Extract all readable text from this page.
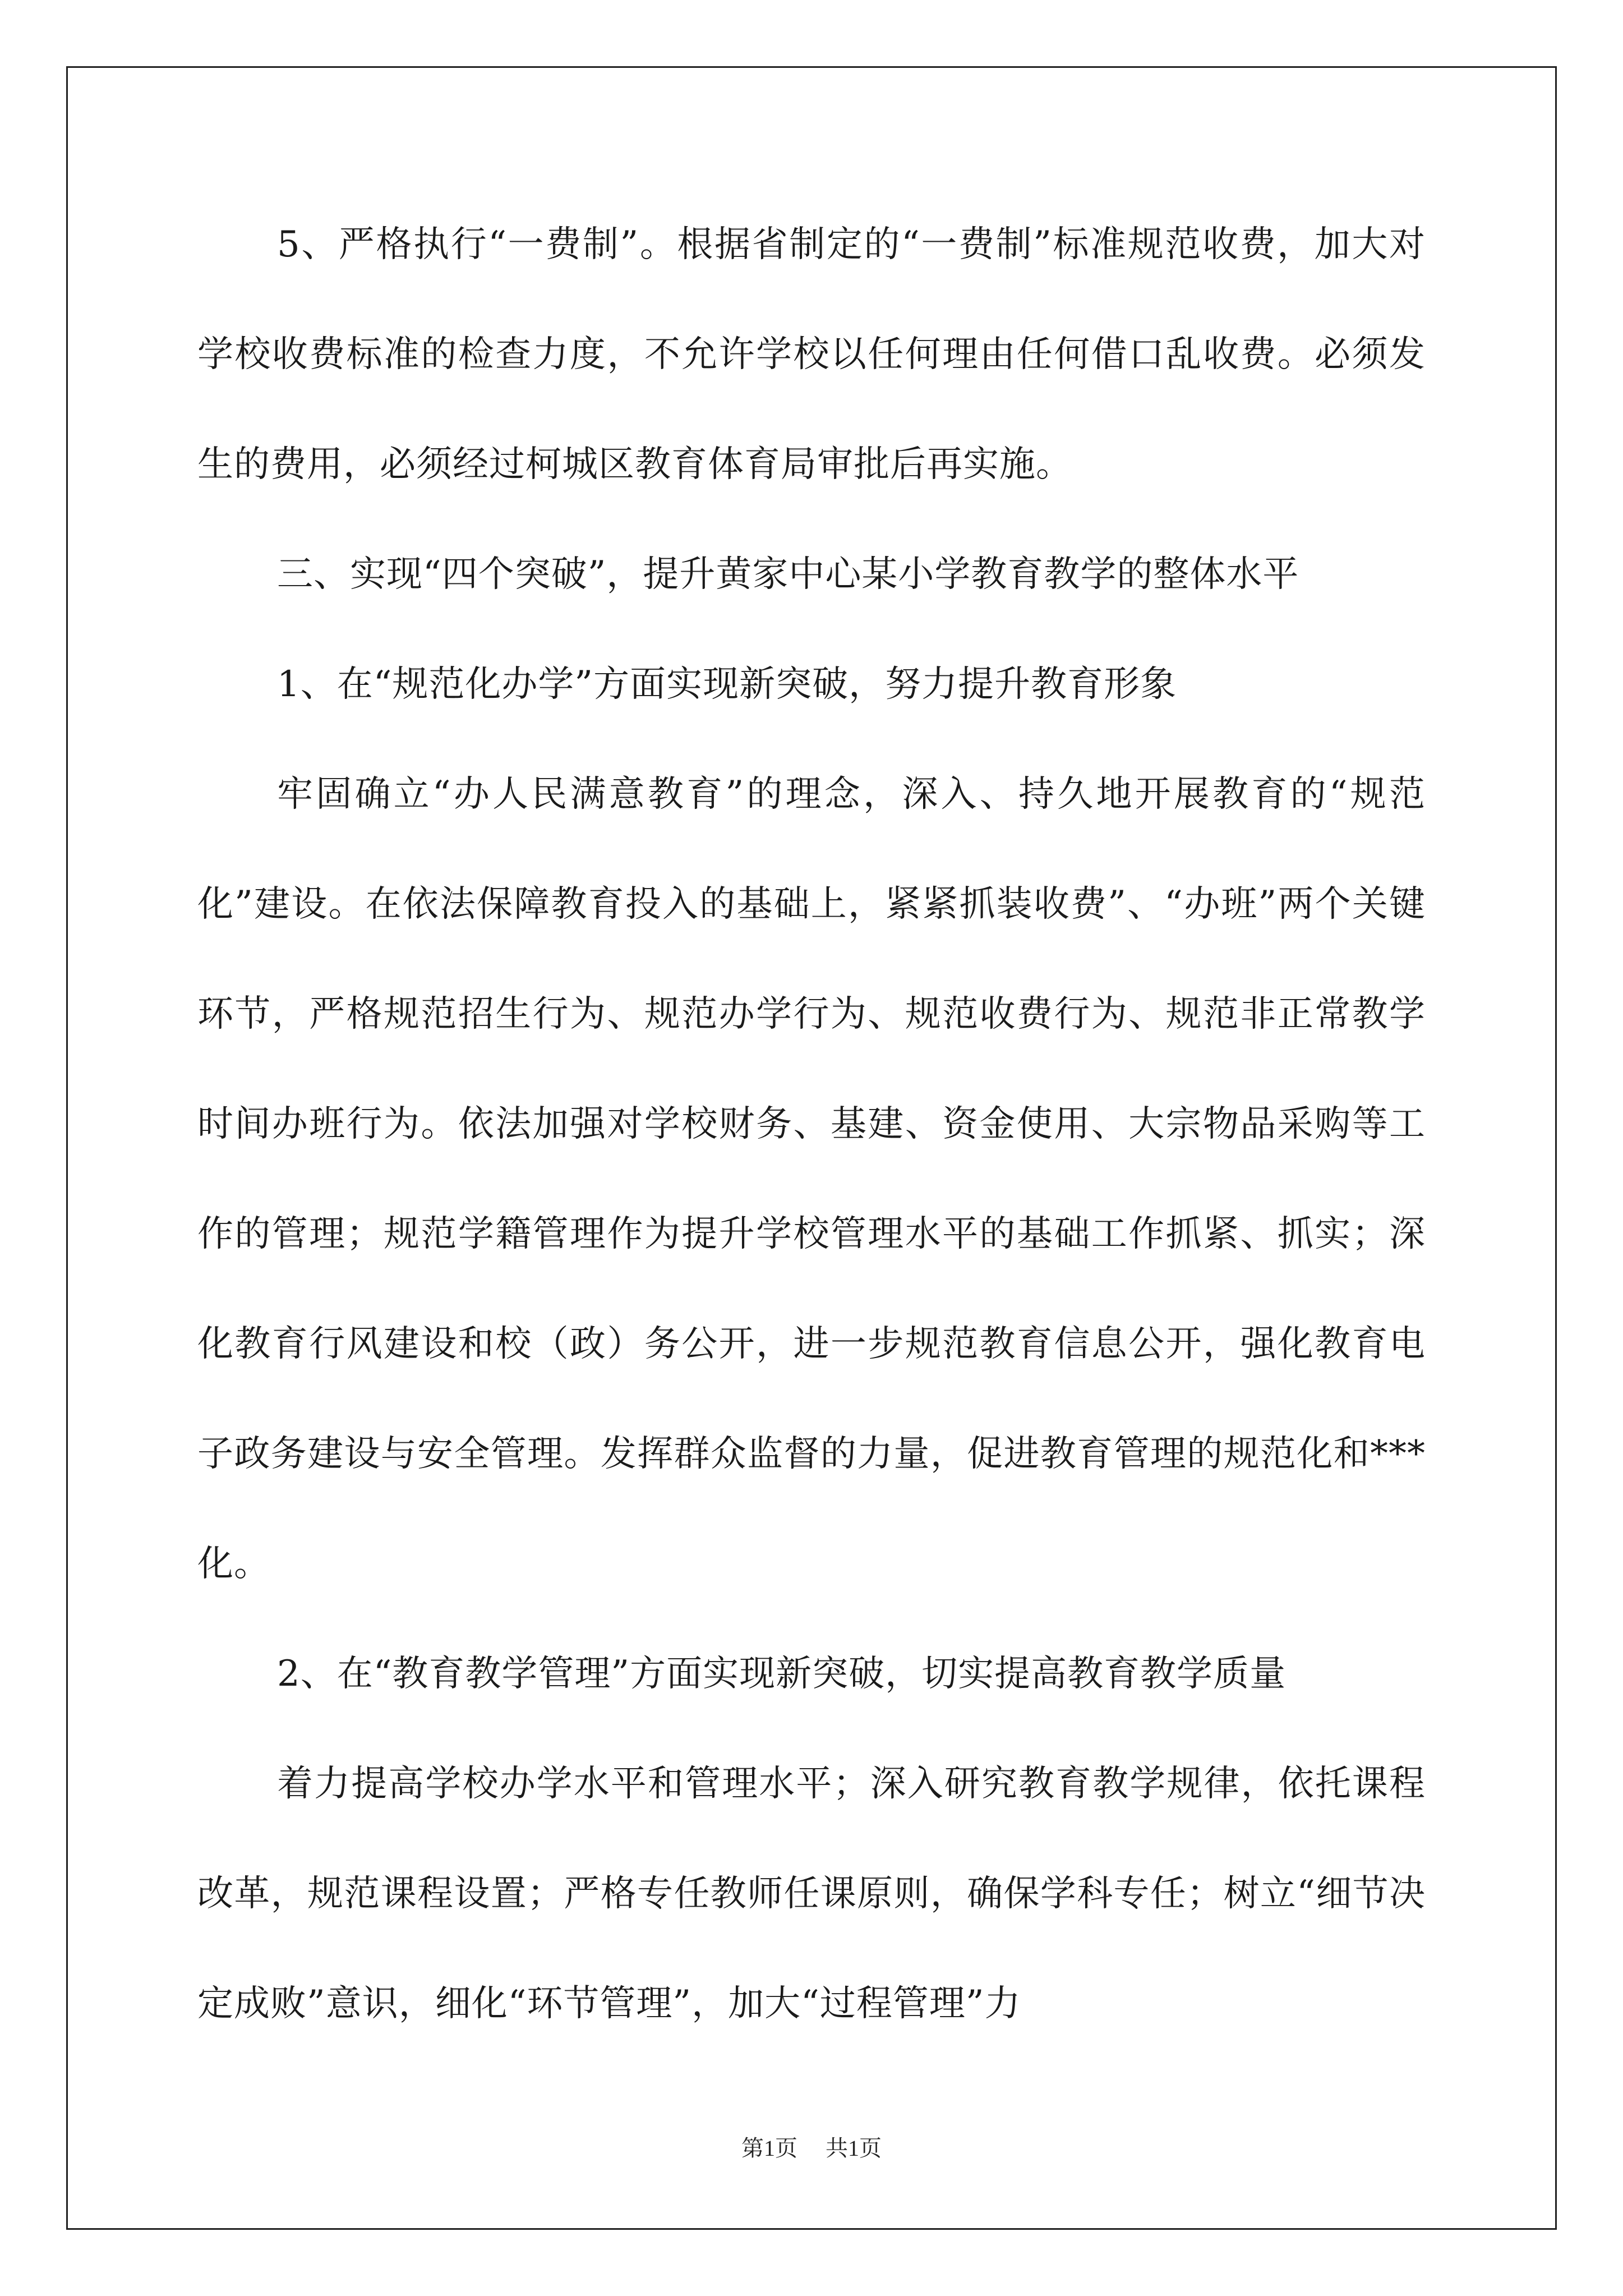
5、严格执行“一费制”。根据省制定的“一费制”标准规范收费，加大对学校收费标准的检查力度，不允许学校以任何理由任何借口乱收费。必须发生的费用，必须经过柯城区教育体育局审批后再实施。

三、实现“四个突破”，提升黄家中心某小学教育教学的整体水平

1、在“规范化办学”方面实现新突破，努力提升教育形象

牢固确立“办人民满意教育”的理念，深入、持久地开展教育的“规范化”建设。在依法保障教育投入的基础上，紧紧抓装收费”、“办班”两个关键环节，严格规范招生行为、规范办学行为、规范收费行为、规范非正常教学时间办班行为。依法加强对学校财务、基建、资金使用、大宗物品采购等工作的管理；规范学籍管理作为提升学校管理水平的基础工作抓紧、抓实；深化教育行风建设和校（政）务公开，进一步规范教育信息公开，强化教育电子政务建设与安全管理。发挥群众监督的力量，促进教育管理的规范化和***化。

2、在“教育教学管理”方面实现新突破，切实提高教育教学质量

着力提高学校办学水平和管理水平；深入研究教育教学规律，依托课程改革，规范课程设置；严格专任教师任课原则，确保学科专任；树立“细节决定成败”意识，细化“环节管理”，加大“过程管理”力

第1页 共1页
